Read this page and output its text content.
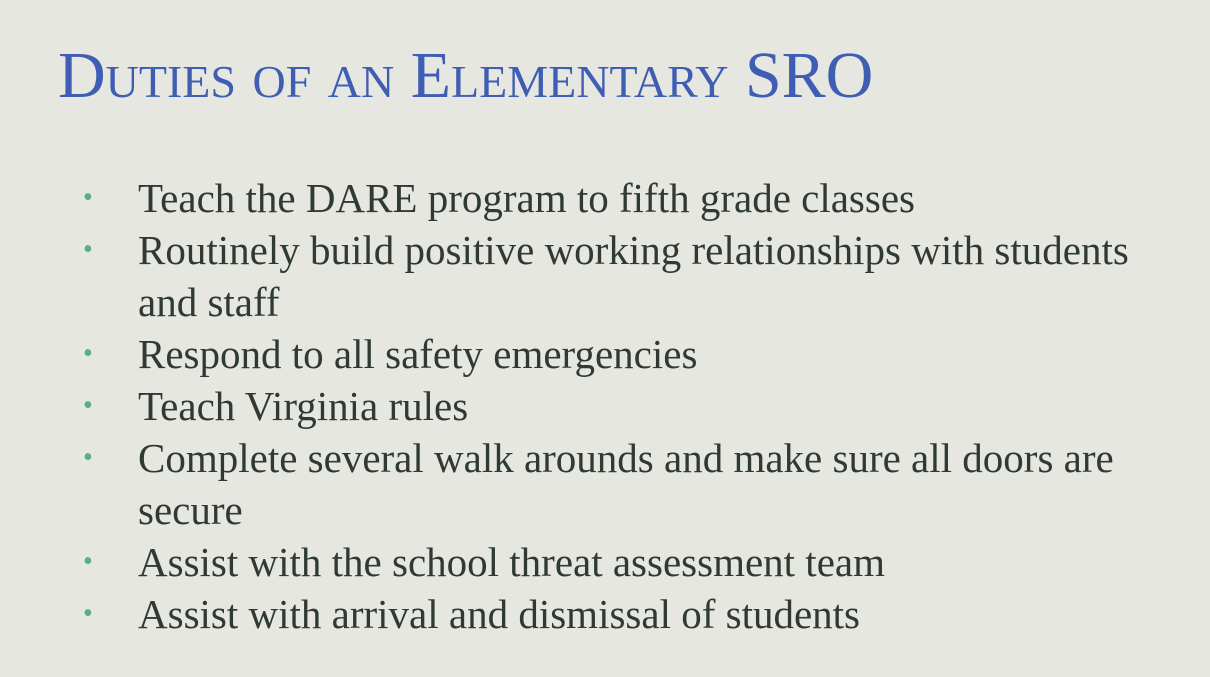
Duties of an Elementary SRO
• Teach the DARE program to fifth grade classes
• Routinely build positive working relationships with students and staff
• Respond to all safety emergencies
• Teach Virginia rules
• Complete several walk arounds and make sure all doors are secure
• Assist with the school threat assessment team
• Assist with arrival and dismissal of students
